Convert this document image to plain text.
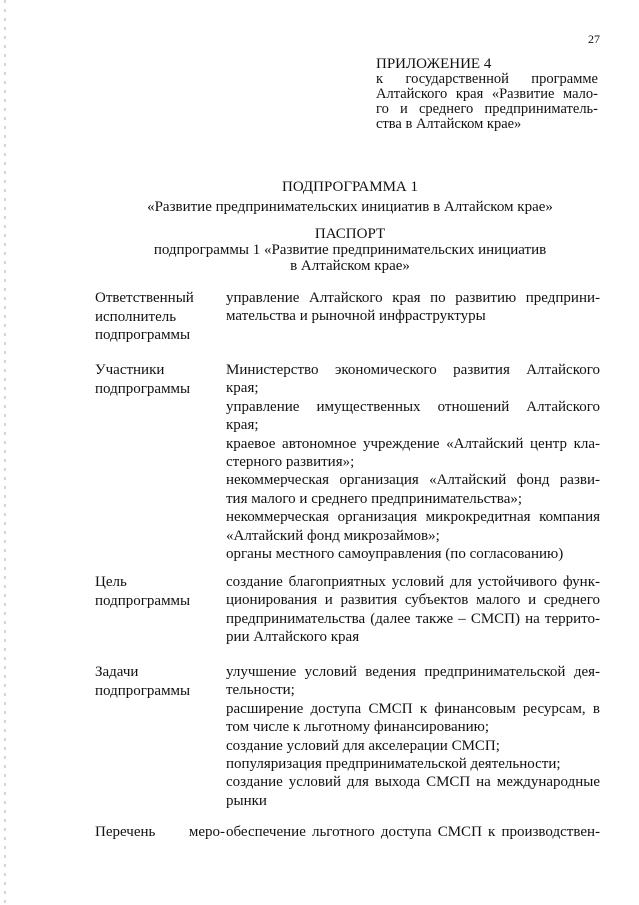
27
ПРИЛОЖЕНИЕ 4
к государственной программе
Алтайского края «Развитие мало-
го и среднего предприниматель-
ства в Алтайском крае»
ПОДПРОГРАММА 1
«Развитие предпринимательских инициатив в Алтайском крае»
ПАСПОРТ
подпрограммы 1 «Развитие предпринимательских инициатив
в Алтайском крае»
Ответственный
исполнитель
подпрограммы
управление Алтайского края по развитию предприни-
мательства и рыночной инфраструктуры
Участники
подпрограммы
Министерство экономического развития Алтайского
края;
управление имущественных отношений Алтайского
края;
краевое автономное учреждение «Алтайский центр кла-
стерного развития»;
некоммерческая организация «Алтайский фонд разви-
тия малого и среднего предпринимательства»;
некоммерческая организация микрокредитная компания
«Алтайский фонд микрозаймов»;
органы местного самоуправления (по согласованию)
Цель
подпрограммы
создание благоприятных условий для устойчивого функ-
ционирования и развития субъектов малого и среднего
предпринимательства (далее также – СМСП) на террито-
рии Алтайского края
Задачи
подпрограммы
улучшение условий ведения предпринимательской дея-
тельности;
расширение доступа СМСП к финансовым ресурсам, в
том числе к льготному финансированию;
создание условий для акселерации СМСП;
популяризация предпринимательской деятельности;
создание условий для выхода СМСП на международные
рынки
Перечень меро- обеспечение льготного доступа СМСП к производствен-
